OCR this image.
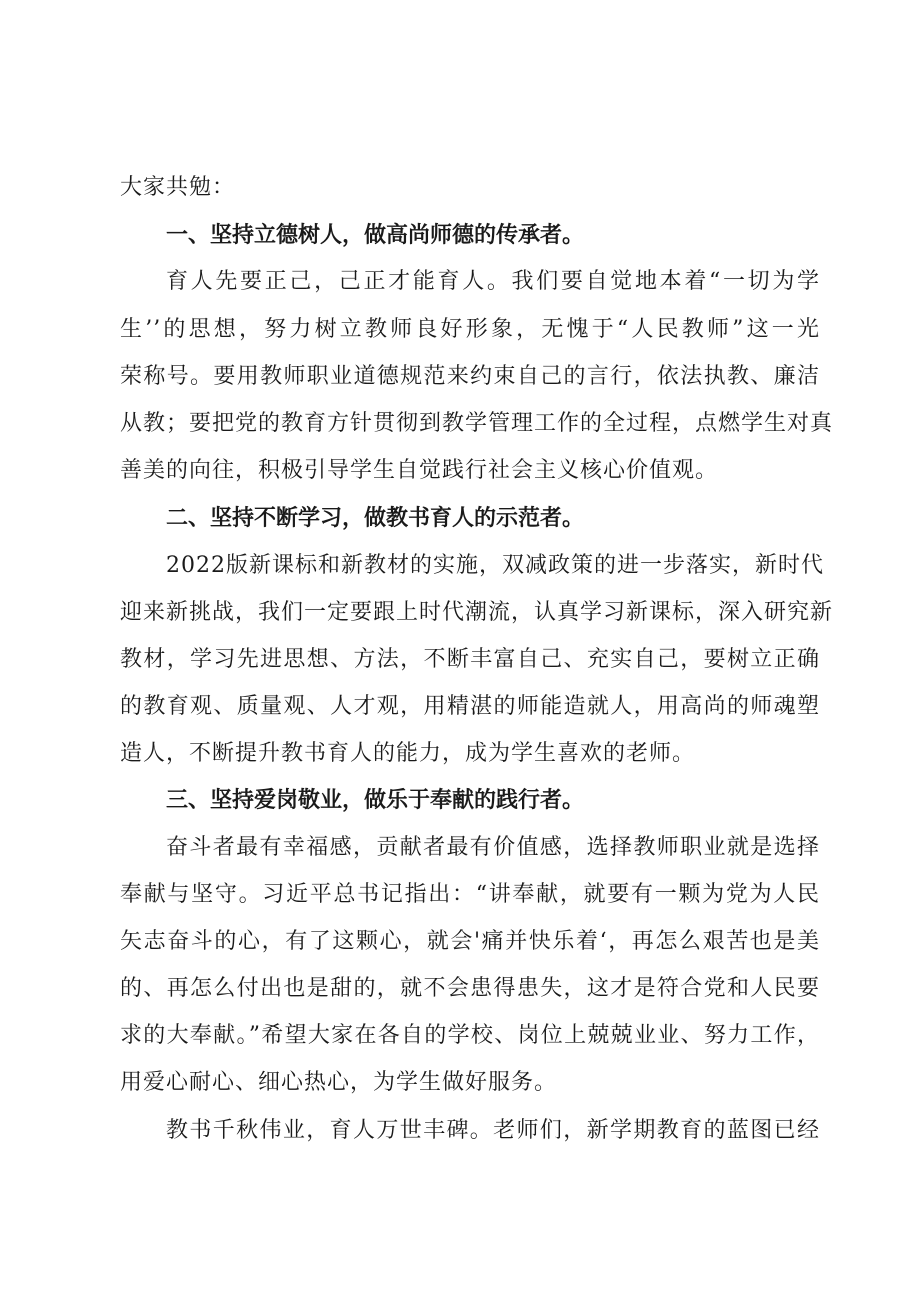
大家共勉：
一、坚持立德树人，做高尚师德的传承者。
育人先要正己，己正才能育人。我们要自觉地本着“一切为学
生’’的思想，努力树立教师良好形象，无愧于“人民教师”这一光
荣称号。要用教师职业道德规范来约束自己的言行，依法执教、廉洁
从教；要把党的教育方针贯彻到教学管理工作的全过程，点燃学生对真
善美的向往，积极引导学生自觉践行社会主义核心价值观。
二、坚持不断学习，做教书育人的示范者。
2022版新课标和新教材的实施，双减政策的进一步落实，新时代
迎来新挑战，我们一定要跟上时代潮流，认真学习新课标，深入研究新
教材，学习先进思想、方法，不断丰富自己、充实自己，要树立正确
的教育观、质量观、人才观，用精湛的师能造就人，用高尚的师魂塑
造人，不断提升教书育人的能力，成为学生喜欢的老师。
三、坚持爱岗敬业，做乐于奉献的践行者。
奋斗者最有幸福感，贡献者最有价值感，选择教师职业就是选择
奉献与坚守。习近平总书记指出：“讲奉献，就要有一颗为党为人民
矢志奋斗的心，有了这颗心，就会'痛并快乐着‘，再怎么艰苦也是美
的、再怎么付出也是甜的，就不会患得患失，这才是符合党和人民要
求的大奉献。”希望大家在各自的学校、岗位上兢兢业业、努力工作，
用爱心耐心、细心热心，为学生做好服务。
教书千秋伟业，育人万世丰碑。老师们，新学期教育的蓝图已经
